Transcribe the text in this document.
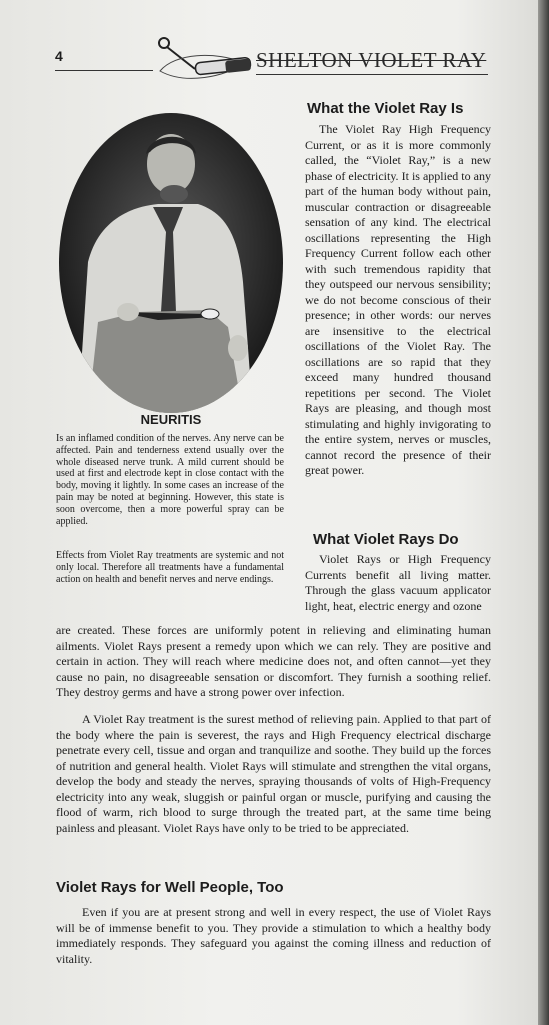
4	SHELTON VIOLET RAY
NEURITIS

Is an inflamed condition of the nerves. Any nerve can be affected. Pain and tenderness extend usually over the whole diseased nerve trunk. A mild current should be used at first and electrode kept in close contact with the body, moving it lightly. In some cases an increase of the pain may be noted at beginning. However, this state is soon overcome, then a more powerful spray can be applied.

Effects from Violet Ray treatments are systemic and not only local. Therefore all treatments have a fundamental action on health and benefit nerves and nerve endings.

What the Violet Ray Is

The Violet Ray High Frequency Current, or as it is more commonly called, the “Violet Ray,” is a new phase of electricity. It is applied to any part of the human body without pain, muscular contraction or disagreeable sensation of any kind. The electrical oscillations representing the High Frequency Current follow each other with such tremendous rapidity that they outspeed our nervous sensibility; we do not become conscious of their presence; in other words: our nerves are insensitive to the electrical oscillations of the Violet Ray. The oscillations are so rapid that they exceed many hundred thousand repetitions per second. The Violet Rays are pleasing, and though most stimulating and highly invigorating to the entire system, nerves or muscles, cannot record the presence of their great power.

What Violet Rays Do

Violet Rays or High Frequency Currents benefit all living matter. Through the glass vacuum applicator light, heat, electric energy and ozone

are created. These forces are uniformly potent in relieving and eliminating human ailments. Violet Rays present a remedy upon which we can rely. They are positive and certain in action. They will reach where medicine does not, and often cannot—yet they cause no pain, no disagreeable sensation or discomfort. They furnish a soothing relief. They destroy germs and have a strong power over infection.

A Violet Ray treatment is the surest method of relieving pain. Applied to that part of the body where the pain is severest, the rays and High Frequency electrical discharge penetrate every cell, tissue and organ and tranquilize and soothe. They build up the forces of nutrition and general health. Violet Rays will stimulate and strengthen the vital organs, develop the body and steady the nerves, spraying thousands of volts of High-Frequency electricity into any weak, sluggish or painful organ or muscle, purifying and causing the flood of warm, rich blood to surge through the treated part, at the same time being painless and pleasant. Violet Rays have only to be tried to be appreciated.

Violet Rays for Well People, Too

Even if you are at present strong and well in every respect, the use of Violet Rays will be of immense benefit to you. They provide a stimulation to which a healthy body immediately responds. They safeguard you against the coming illness and reduction of vitality.
